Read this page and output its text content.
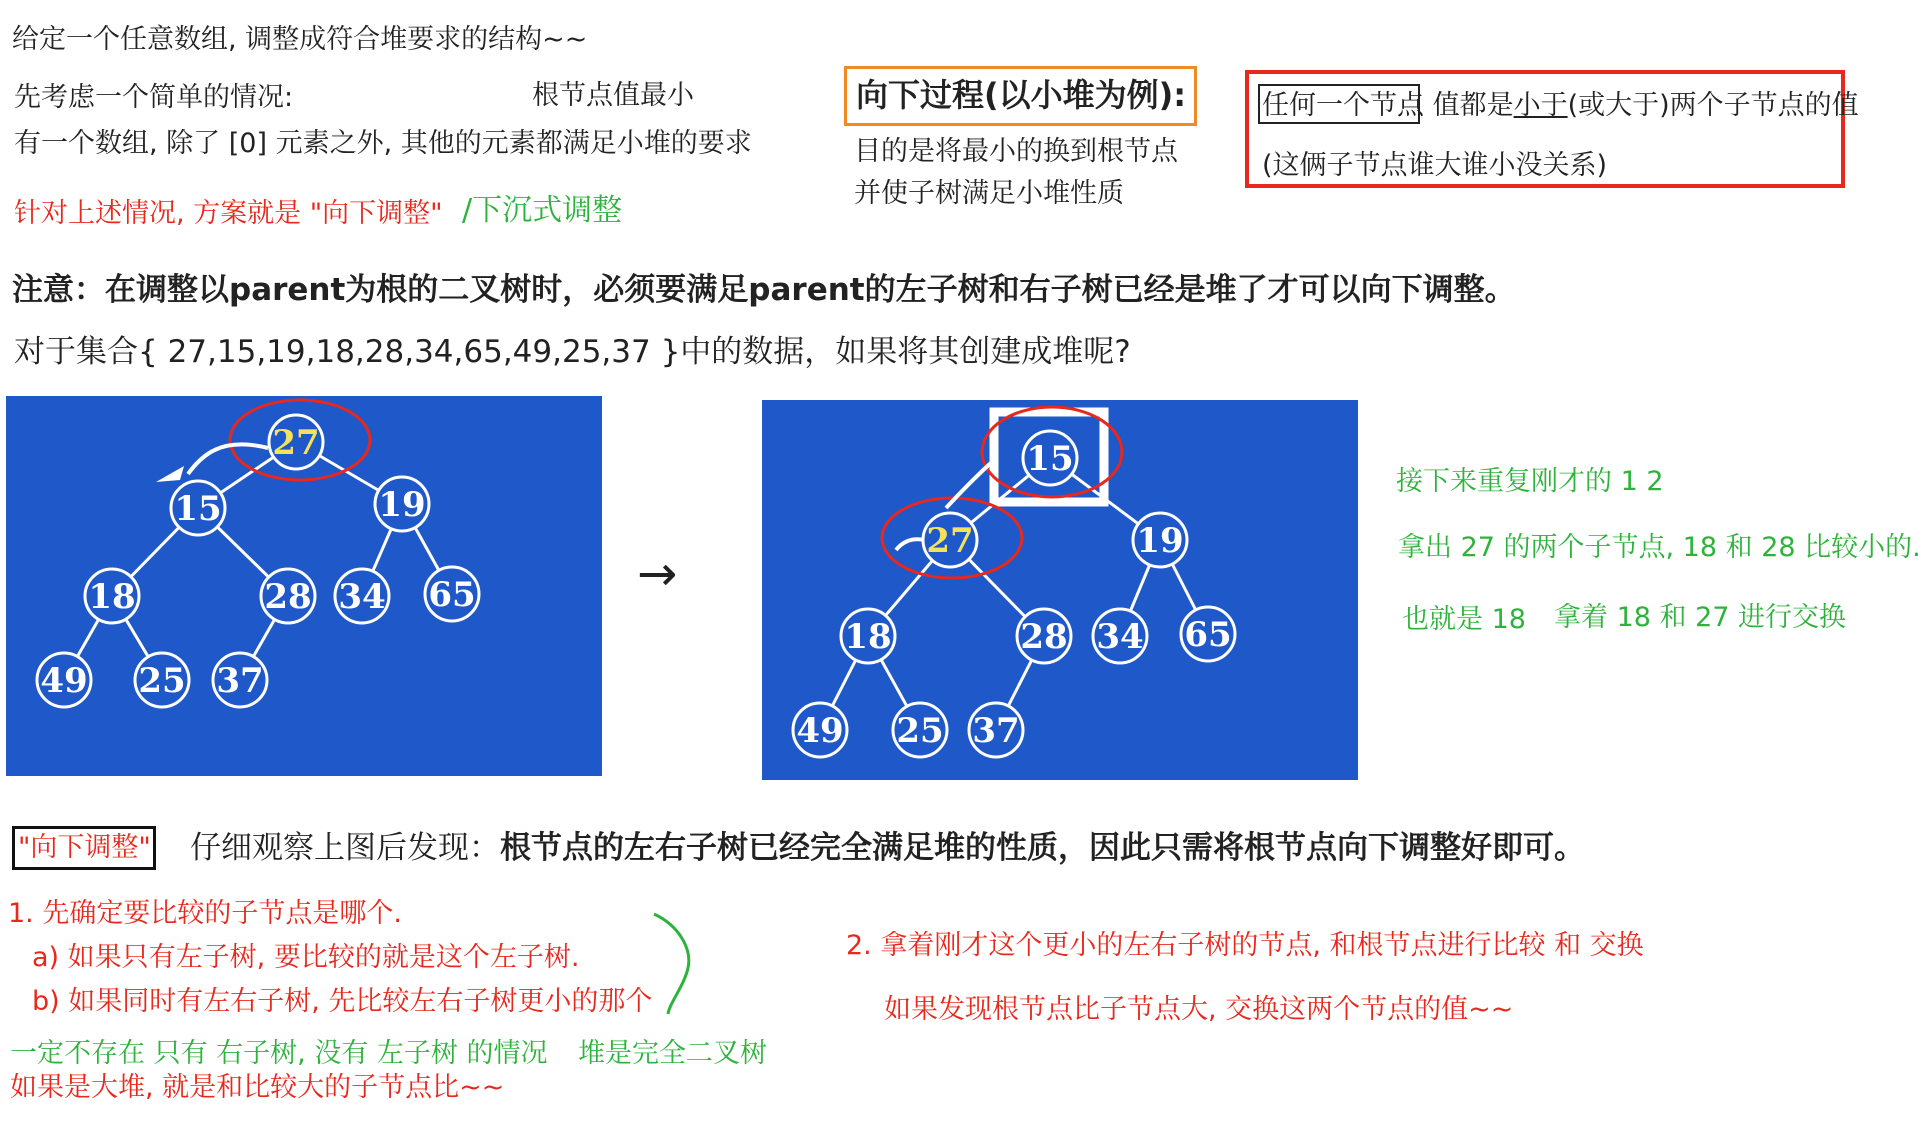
给定一个任意数组, 调整成符合堆要求的结构~~
先考虑一个简单的情况:	根节点值最小
有一个数组, 除了 [0] 元素之外, 其他的元素都满足小堆的要求
针对上述情况, 方案就是 "向下调整" /下沉式调整
向下过程(以小堆为例):
目的是将最小的换到根节点
并使子树满足小堆性质
任何一个节点 值都是小于(或大于)两个子节点的值
(这俩子节点谁大谁小没关系)
注意：在调整以parent为根的二叉树时，必须要满足parent的左子树和右子树已经是堆了才可以向下调整。
对于集合{ 27,15,19,18,28,34,65,49,25,37 }中的数据，如果将其创建成堆呢?
27
15	19
18	28 34 65
49 25 37
→
15
27	19
18	28 34 65
49 25 37
接下来重复刚才的 1 2
拿出 27 的两个子节点, 18 和 28 比较小的.
也就是 18 拿着 18 和 27 进行交换
"向下调整" 仔细观察上图后发现：根节点的左右子树已经完全满足堆的性质，因此只需将根节点向下调整好即可。
1. 先确定要比较的子节点是哪个.
a) 如果只有左子树, 要比较的就是这个左子树.
b) 如果同时有左右子树, 先比较左右子树更小的那个
2. 拿着刚才这个更小的左右子树的节点, 和根节点进行比较 和 交换
如果发现根节点比子节点大, 交换这两个节点的值~~
一定不存在 只有 右子树, 没有 左子树 的情况 堆是完全二叉树
如果是大堆, 就是和比较大的子节点比~~
